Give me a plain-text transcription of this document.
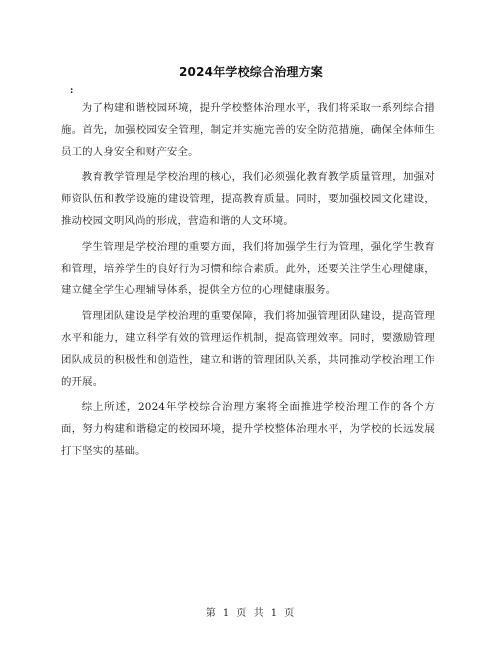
2024年学校综合治理方案
:

为了构建和谐校园环境，提升学校整体治理水平，我们将采取一系列综合措施。首先，加强校园安全管理，制定并实施完善的安全防范措施，确保全体师生员工的人身安全和财产安全。

教育教学管理是学校治理的核心，我们必须强化教育教学质量管理，加强对师资队伍和教学设施的建设管理，提高教育质量。同时，要加强校园文化建设，推动校园文明风尚的形成，营造和谐的人文环境。

学生管理是学校治理的重要方面，我们将加强学生行为管理，强化学生教育和管理，培养学生的良好行为习惯和综合素质。此外，还要关注学生心理健康，建立健全学生心理辅导体系，提供全方位的心理健康服务。

管理团队建设是学校治理的重要保障，我们将加强管理团队建设，提高管理水平和能力，建立科学有效的管理运作机制，提高管理效率。同时，要激励管理团队成员的积极性和创造性，建立和谐的管理团队关系，共同推动学校治理工作的开展。

综上所述，2024年学校综合治理方案将全面推进学校治理工作的各个方面，努力构建和谐稳定的校园环境，提升学校整体治理水平，为学校的长远发展打下坚实的基础。

第 1 页 共 1 页
